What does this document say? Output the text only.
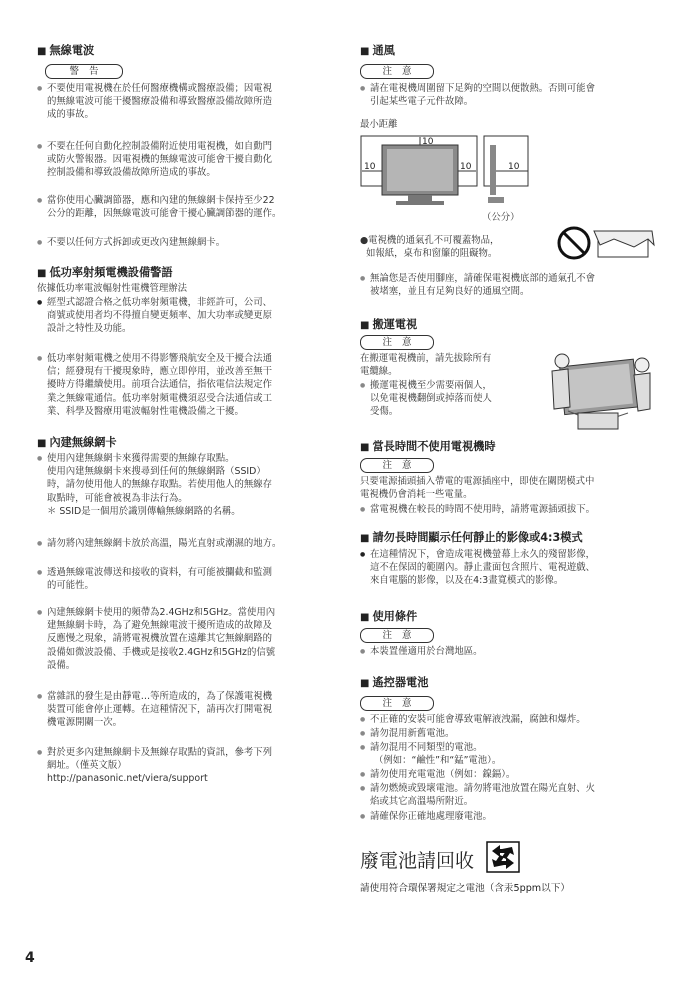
■ 無線電波
警告
● 不要使用電視機在於任何醫療機構或醫療設備；因電視
的無線電波可能干擾醫療設備和導致醫療設備故障所造
成的事故。
● 不要在任何自動化控制設備附近使用電視機，如自動門
或防火警報器。因電視機的無線電波可能會干擾自動化
控制設備和導致設備故障所造成的事故。
● 當你使用心臟調節器，應和內建的無線網卡保持至少22
公分的距離，因無線電波可能會干擾心臟調節器的運作。
● 不要以任何方式拆卸或更改內建無線網卡。
■ 低功率射頻電機設備警語
依據低功率電波輻射性電機管理辦法
● 經型式認證合格之低功率射頻電機，非經許可，公司、
商號或使用者均不得擅自變更頻率、加大功率或變更原
設計之特性及功能。
● 低功率射頻電機之使用不得影響飛航安全及干擾合法通
信；經發現有干擾現象時，應立即停用，並改善至無干
擾時方得繼續使用。前項合法通信，指依電信法規定作
業之無線電通信。低功率射頻電機須忍受合法通信或工
業、科學及醫療用電波輻射性電機設備之干擾。
■ 內建無線網卡
● 使用內建無線網卡來獲得需要的無線存取點。
使用內建無線網卡來搜尋到任何的無線網路（SSID）
時，請勿使用他人的無線存取點。若使用他人的無線存
取點時，可能會被視為非法行為。
＊ SSID是一個用於識別傳輸無線網路的名稱。
● 請勿將內建無線網卡放於高溫，陽光直射或潮濕的地方。
● 透過無線電波傳送和接收的資料，有可能被攔截和監測
的可能性。
● 內建無線網卡使用的頻帶為2.4GHz和5GHz。當使用內
建無線網卡時，為了避免無線電波干擾所造成的故障及
反應慢之現象，請將電視機放置在遠離其它無線網路的
設備如微波設備、手機或是接收2.4GHz和5GHz的信號
設備。
● 當雜訊的發生是由靜電…等所造成的，為了保護電視機
裝置可能會停止運轉。在這種情況下，請再次打開電視
機電源開關一次。
● 對於更多內建無線網卡及無線存取點的資訊，參考下列
網址。（僅英文版）
http://panasonic.net/viera/support
■ 通風
注意
● 請在電視機周圍留下足夠的空間以便散熱。否則可能會
引起某些電子元件故障。
最小距離
10
10	10	10
（公分）
●電視機的通氣孔不可覆蓋物品，
如報紙，桌布和窗簾的阻礙物。
● 無論您是否使用腳座，請確保電視機底部的通氣孔不會
被堵塞，並且有足夠良好的通風空間。
■ 搬運電視
注意
在搬運電視機前，請先拔除所有
電纜線。
● 搬運電視機至少需要兩個人，
以免電視機翻倒或掉落而使人
受傷。
■ 當長時間不使用電視機時
注意
只要電源插頭插入帶電的電源插座中，即使在關閉模式中
電視機仍會消耗一些電量。
● 當電視機在較長的時間不使用時，請將電源插頭拔下。
■ 請勿長時間顯示任何靜止的影像或4:3模式
● 在這種情況下，會造成電視機螢幕上永久的殘留影像，
這不在保固的範圍內。靜止畫面包含照片、電視遊戲、
來自電腦的影像，以及在4:3畫寬模式的影像。
■ 使用條件
注意
● 本裝置僅適用於台灣地區。
■ 遙控器電池
注意
● 不正確的安裝可能會導致電解液洩漏，腐蝕和爆炸。
● 請勿混用新舊電池。
● 請勿混用不同類型的電池。
（例如：“鹼性”和“錳”電池）。
● 請勿使用充電電池（例如：鎳鎘）。
● 請勿燃燒或毀壞電池。請勿將電池放置在陽光直射、火
焰或其它高溫場所附近。
● 請確保你正確地處理廢電池。
廢電池請回收
請使用符合環保署規定之電池（含汞5ppm以下）
4
